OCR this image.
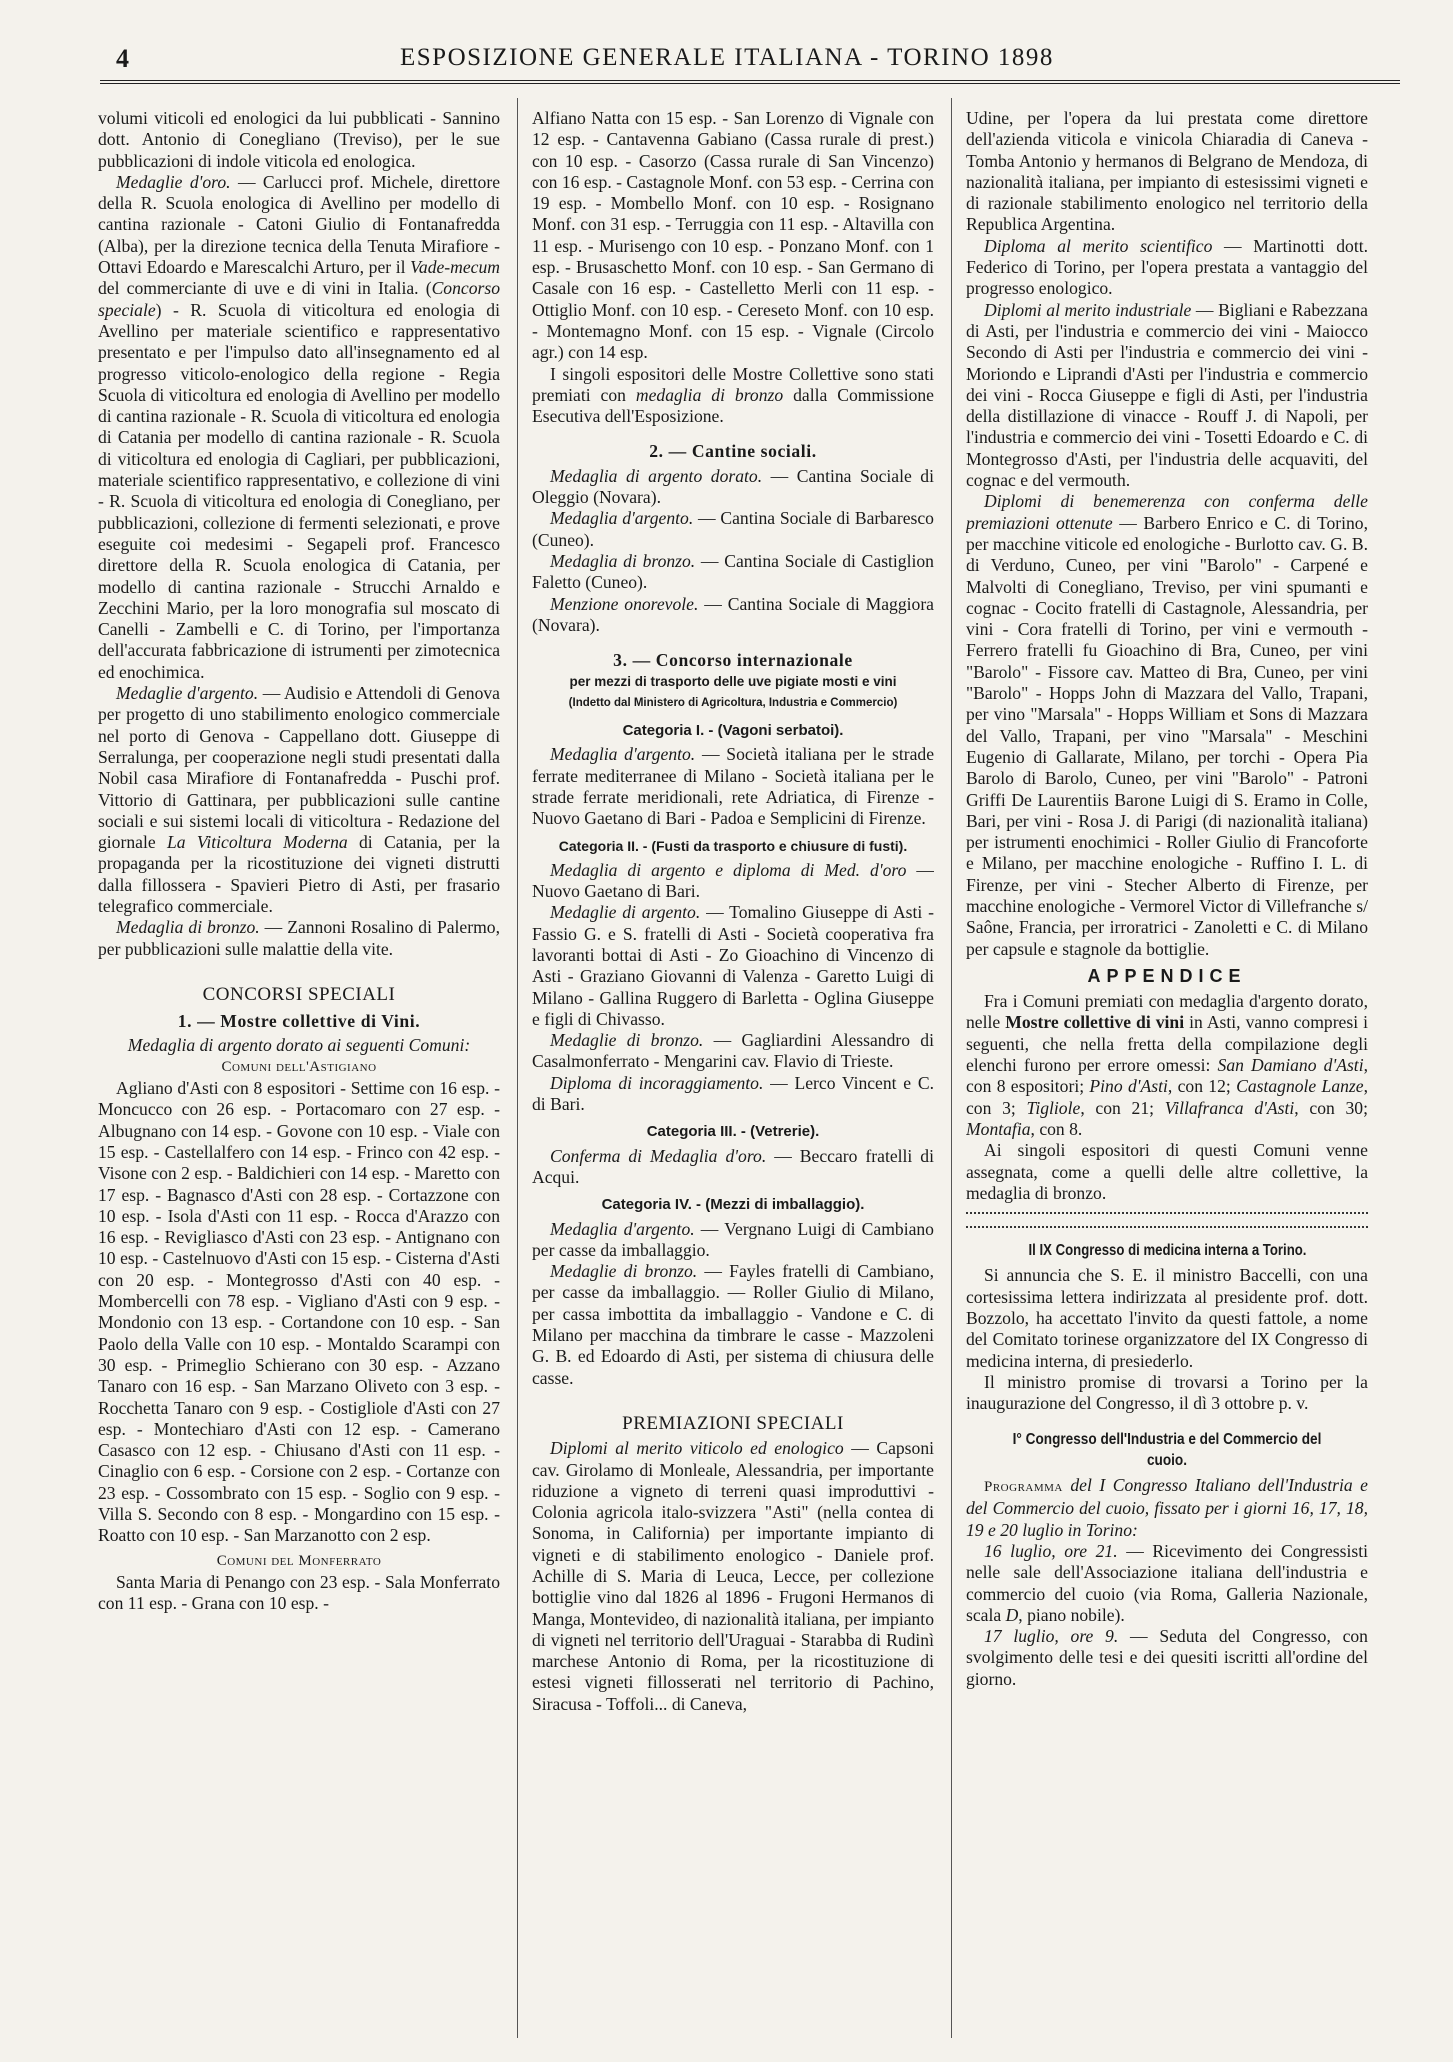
4	ESPOSIZIONE GENERALE ITALIANA - TORINO 1898

volumi viticoli ed enologici da lui pubblicati - Sannino dott. Antonio di Conegliano (Treviso), per le sue pubblicazioni di indole viticola ed enologica.

Medaglie d'oro. — Carlucci prof. Michele, direttore della R. Scuola enologica di Avellino per modello di cantina razionale - Catoni Giulio di Fontanafredda (Alba), per la direzione tecnica della Tenuta Mirafiore - Ottavi Edoardo e Marescalchi Arturo, per il Vade-mecum del commerciante di uve e di vini in Italia. (Concorso speciale) - R. Scuola di viticoltura ed enologia di Avellino per materiale scientifico e rappresentativo presentato e per l'impulso dato all'insegnamento ed al progresso viticolo-enologico della regione - Regia Scuola di viticoltura ed enologia di Avellino per modello di cantina razionale - R. Scuola di viticoltura ed enologia di Catania per modello di cantina razionale - R. Scuola di viticoltura ed enologia di Cagliari, per pubblicazioni, materiale scientifico rappresentativo, e collezione di vini - R. Scuola di viticoltura ed enologia di Conegliano, per pubblicazioni, collezione di fermenti selezionati, e prove eseguite coi medesimi - Segapeli prof. Francesco direttore della R. Scuola enologica di Catania, per modello di cantina razionale - Strucchi Arnaldo e Zecchini Mario, per la loro monografia sul moscato di Canelli - Zambelli e C. di Torino, per l'importanza dell'accurata fabbricazione di istrumenti per zimotecnica ed enochimica.

Medaglie d'argento. — Audisio e Attendoli di Genova per progetto di uno stabilimento enologico commerciale nel porto di Genova - Cappellano dott. Giuseppe di Serralunga, per cooperazione negli studi presentati dalla Nobil casa Mirafiore di Fontanafredda - Puschi prof. Vittorio di Gattinara, per pubblicazioni sulle cantine sociali e sui sistemi locali di viticoltura - Redazione del giornale La Viticoltura Moderna di Catania, per la propaganda per la ricostituzione dei vigneti distrutti dalla fillossera - Spavieri Pietro di Asti, per frasario telegrafico commerciale.

Medaglia di bronzo. — Zannoni Rosalino di Palermo, per pubblicazioni sulle malattie della vite.

CONCORSI SPECIALI

1. — Mostre collettive di Vini.

Medaglia di argento dorato ai seguenti Comuni:

Comuni dell'Astigiano

Agliano d'Asti con 8 espositori - Settime con 16 esp. - Moncucco con 26 esp. - Portacomaro con 27 esp. - Albugnano con 14 esp. - Govone con 10 esp. - Viale con 15 esp. - Castellalfero con 14 esp. - Frinco con 42 esp. - Visone con 2 esp. - Baldichieri con 14 esp. - Maretto con 17 esp. - Bagnasco d'Asti con 28 esp. - Cortazzone con 10 esp. - Isola d'Asti con 11 esp. - Rocca d'Arazzo con 16 esp. - Revigliasco d'Asti con 23 esp. - Antignano con 10 esp. - Castelnuovo d'Asti con 15 esp. - Cisterna d'Asti con 20 esp. - Montegrosso d'Asti con 40 esp. - Mombercelli con 78 esp. - Vigliano d'Asti con 9 esp. - Mondonio con 13 esp. - Cortandone con 10 esp. - San Paolo della Valle con 10 esp. - Montaldo Scarampi con 30 esp. - Primeglio Schierano con 30 esp. - Azzano Tanaro con 16 esp. - San Marzano Oliveto con 3 esp. - Rocchetta Tanaro con 9 esp. - Costigliole d'Asti con 27 esp. - Montechiaro d'Asti con 12 esp. - Camerano Casasco con 12 esp. - Chiusano d'Asti con 11 esp. - Cinaglio con 6 esp. - Corsione con 2 esp. - Cortanze con 23 esp. - Cossombrato con 15 esp. - Soglio con 9 esp. - Villa S. Secondo con 8 esp. - Mongardino con 15 esp. - Roatto con 10 esp. - San Marzanotto con 2 esp.

Comuni del Monferrato

Santa Maria di Penango con 23 esp. - Sala Monferrato con 11 esp. - Grana con 10 esp. -

Alfiano Natta con 15 esp. - San Lorenzo di Vignale con 12 esp. - Cantavenna Gabiano (Cassa rurale di prest.) con 10 esp. - Casorzo (Cassa rurale di San Vincenzo) con 16 esp. - Castagnole Monf. con 53 esp. - Cerrina con 19 esp. - Mombello Monf. con 10 esp. - Rosignano Monf. con 31 esp. - Terruggia con 11 esp. - Altavilla con 11 esp. - Murisengo con 10 esp. - Ponzano Monf. con 1 esp. - Brusaschetto Monf. con 10 esp. - San Germano di Casale con 16 esp. - Castelletto Merli con 11 esp. - Ottiglio Monf. con 10 esp. - Cereseto Monf. con 10 esp. - Montemagno Monf. con 15 esp. - Vignale (Circolo agr.) con 14 esp.

I singoli espositori delle Mostre Collettive sono stati premiati con medaglia di bronzo dalla Commissione Esecutiva dell'Esposizione.

2. — Cantine sociali.

Medaglia di argento dorato. — Cantina Sociale di Oleggio (Novara).

Medaglia d'argento. — Cantina Sociale di Barbaresco (Cuneo).

Medaglia di bronzo. — Cantina Sociale di Castiglion Faletto (Cuneo).

Menzione onorevole. — Cantina Sociale di Maggiora (Novara).

3. — Concorso internazionale

per mezzi di trasporto delle uve pigiate mosti e vini

(Indetto dal Ministero di Agricoltura, Industria e Commercio)

Categoria I. - (Vagoni serbatoi).

Medaglia d'argento. — Società italiana per le strade ferrate mediterranee di Milano - Società italiana per le strade ferrate meridionali, rete Adriatica, di Firenze - Nuovo Gaetano di Bari - Padoa e Semplicini di Firenze.

Categoria II. - (Fusti da trasporto e chiusure di fusti).

Medaglia di argento e diploma di Med. d'oro — Nuovo Gaetano di Bari.

Medaglie di argento. — Tomalino Giuseppe di Asti - Fassio G. e S. fratelli di Asti - Società cooperativa fra lavoranti bottai di Asti - Zo Gioachino di Vincenzo di Asti - Graziano Giovanni di Valenza - Garetto Luigi di Milano - Gallina Ruggero di Barletta - Oglina Giuseppe e figli di Chivasso.

Medaglie di bronzo. — Gagliardini Alessandro di Casalmonferrato - Mengarini cav. Flavio di Trieste.

Diploma di incoraggiamento. — Lerco Vincent e C. di Bari.

Categoria III. - (Vetrerie).

Conferma di Medaglia d'oro. — Beccaro fratelli di Acqui.

Categoria IV. - (Mezzi di imballaggio).

Medaglia d'argento. — Vergnano Luigi di Cambiano per casse da imballaggio.

Medaglie di bronzo. — Fayles fratelli di Cambiano, per casse da imballaggio. — Roller Giulio di Milano, per cassa imbottita da imballaggio - Vandone e C. di Milano per macchina da timbrare le casse - Mazzoleni G. B. ed Edoardo di Asti, per sistema di chiusura delle casse.

PREMIAZIONI SPECIALI

Diplomi al merito viticolo ed enologico — Capsoni cav. Girolamo di Monleale, Alessandria, per importante riduzione a vigneto di terreni quasi improduttivi - Colonia agricola italo-svizzera "Asti" (nella contea di Sonoma, in California) per importante impianto di vigneti e di stabilimento enologico - Daniele prof. Achille di S. Maria di Leuca, Lecce, per collezione bottiglie vino dal 1826 al 1896 - Frugoni Hermanos di Manga, Montevideo, di nazionalità italiana, per impianto di vigneti nel territorio dell'Uraguai - Starabba di Rudinì marchese Antonio di Roma, per la ricostituzione di estesi vigneti fillosserati nel territorio di Pachino, Siracusa - Toffoli... di Caneva,

Udine, per l'opera da lui prestata come direttore dell'azienda viticola e vinicola Chiaradia di Caneva - Tomba Antonio y hermanos di Belgrano de Mendoza, di nazionalità italiana, per impianto di estesissimi vigneti e di razionale stabilimento enologico nel territorio della Republica Argentina.

Diploma al merito scientifico — Martinotti dott. Federico di Torino, per l'opera prestata a vantaggio del progresso enologico.

Diplomi al merito industriale — Bigliani e Rabezzana di Asti, per l'industria e commercio dei vini - Maiocco Secondo di Asti per l'industria e commercio dei vini - Moriondo e Liprandi d'Asti per l'industria e commercio dei vini - Rocca Giuseppe e figli di Asti, per l'industria della distillazione di vinacce - Rouff J. di Napoli, per l'industria e commercio dei vini - Tosetti Edoardo e C. di Montegrosso d'Asti, per l'industria delle acquaviti, del cognac e del vermouth.

Diplomi di benemerenza con conferma delle premiazioni ottenute — Barbero Enrico e C. di Torino, per macchine viticole ed enologiche - Burlotto cav. G. B. di Verduno, Cuneo, per vini "Barolo" - Carpené e Malvolti di Conegliano, Treviso, per vini spumanti e cognac - Cocito fratelli di Castagnole, Alessandria, per vini - Cora fratelli di Torino, per vini e vermouth - Ferrero fratelli fu Gioachino di Bra, Cuneo, per vini "Barolo" - Fissore cav. Matteo di Bra, Cuneo, per vini "Barolo" - Hopps John di Mazzara del Vallo, Trapani, per vino "Marsala" - Hopps William et Sons di Mazzara del Vallo, Trapani, per vino "Marsala" - Meschini Eugenio di Gallarate, Milano, per torchi - Opera Pia Barolo di Barolo, Cuneo, per vini "Barolo" - Patroni Griffi De Laurentiis Barone Luigi di S. Eramo in Colle, Bari, per vini - Rosa J. di Parigi (di nazionalità italiana) per istrumenti enochimici - Roller Giulio di Francoforte e Milano, per macchine enologiche - Ruffino I. L. di Firenze, per vini - Stecher Alberto di Firenze, per macchine enologiche - Vermorel Victor di Villefranche s/ Saône, Francia, per irroratrici - Zanoletti e C. di Milano per capsule e stagnole da bottiglie.

APPENDICE

Fra i Comuni premiati con medaglia d'argento dorato, nelle Mostre collettive di vini in Asti, vanno compresi i seguenti, che nella fretta della compilazione degli elenchi furono per errore omessi: San Damiano d'Asti, con 8 espositori; Pino d'Asti, con 12; Castagnole Lanze, con 3; Tigliole, con 21; Villafranca d'Asti, con 30; Montafia, con 8.

Ai singoli espositori di questi Comuni venne assegnata, come a quelli delle altre collettive, la medaglia di bronzo.

Il IX Congresso di medicina interna a Torino.

Si annuncia che S. E. il ministro Baccelli, con una cortesissima lettera indirizzata al presidente prof. dott. Bozzolo, ha accettato l'invito da questi fattole, a nome del Comitato torinese organizzatore del IX Congresso di medicina interna, di presiederlo.

Il ministro promise di trovarsi a Torino per la inaugurazione del Congresso, il dì 3 ottobre p. v.

I° Congresso dell'Industria e del Commercio del cuoio.

Programma del I Congresso Italiano dell'Industria e del Commercio del cuoio, fissato per i giorni 16, 17, 18, 19 e 20 luglio in Torino:

16 luglio, ore 21. — Ricevimento dei Congressisti nelle sale dell'Associazione italiana dell'industria e commercio del cuoio (via Roma, Galleria Nazionale, scala D, piano nobile).

17 luglio, ore 9. — Seduta del Congresso, con svolgimento delle tesi e dei quesiti iscritti all'ordine del giorno.
